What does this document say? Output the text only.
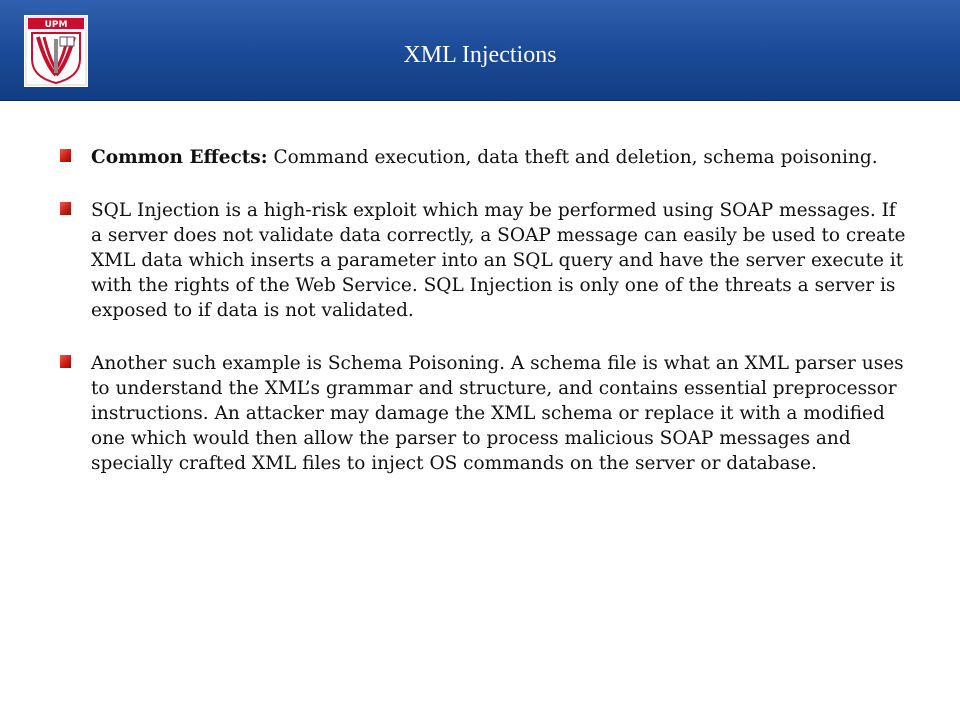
UPM
XML Injections

Common Effects: Command execution, data theft and deletion, schema poisoning.

SQL Injection is a high-risk exploit which may be performed using SOAP messages. If a server does not validate data correctly, a SOAP message can easily be used to create XML data which inserts a parameter into an SQL query and have the server execute it with the rights of the Web Service. SQL Injection is only one of the threats a server is exposed to if data is not validated.

Another such example is Schema Poisoning. A schema file is what an XML parser uses to understand the XML’s grammar and structure, and contains essential preprocessor instructions. An attacker may damage the XML schema or replace it with a modified one which would then allow the parser to process malicious SOAP messages and specially crafted XML files to inject OS commands on the server or database.
